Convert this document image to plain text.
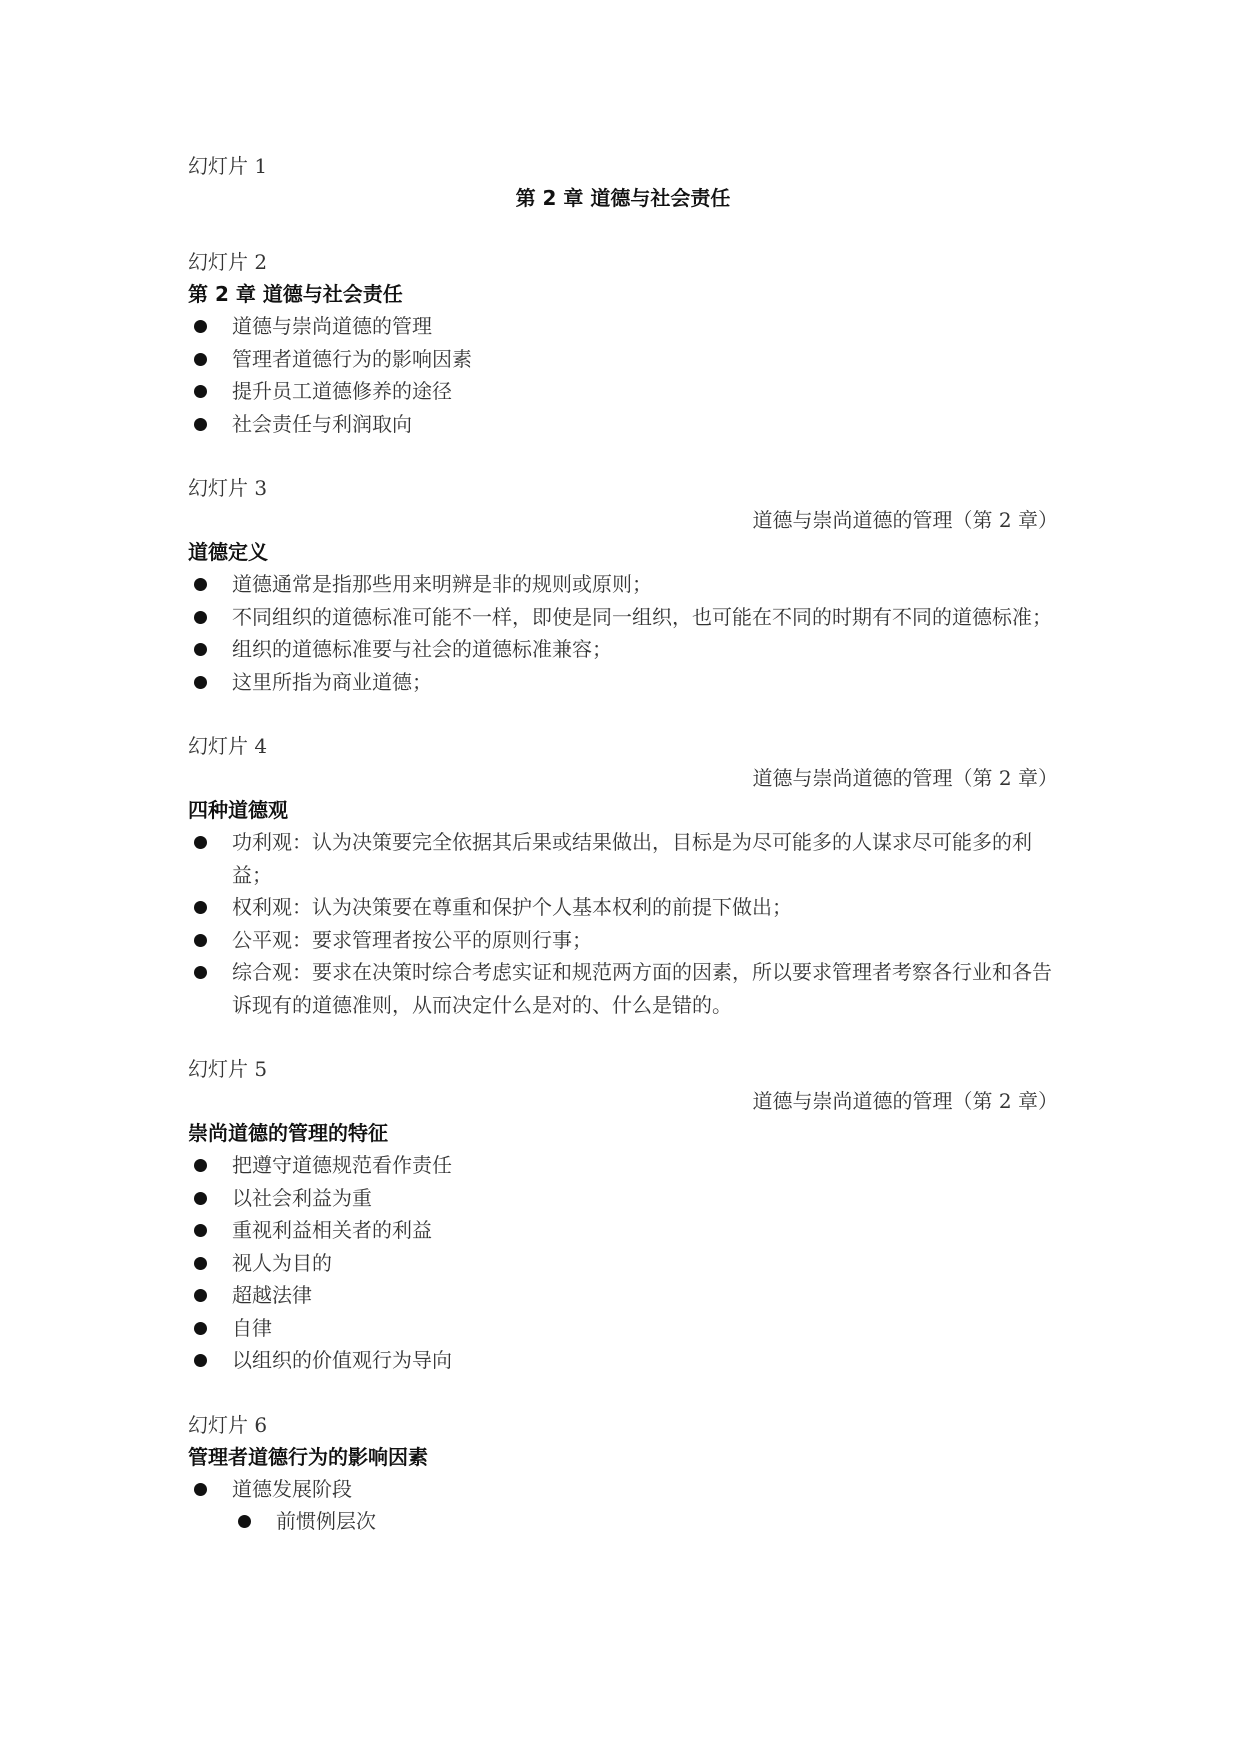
幻灯片 1
第 2 章 道德与社会责任
幻灯片 2
第 2 章 道德与社会责任
道德与崇尚道德的管理
管理者道德行为的影响因素
提升员工道德修养的途径
社会责任与利润取向
幻灯片 3
道德与崇尚道德的管理（第 2 章）
道德定义
道德通常是指那些用来明辨是非的规则或原则；
不同组织的道德标准可能不一样，即使是同一组织，也可能在不同的时期有不同的道德标准；
组织的道德标准要与社会的道德标准兼容；
这里所指为商业道德；
幻灯片 4
道德与崇尚道德的管理（第 2 章）
四种道德观
功利观：认为决策要完全依据其后果或结果做出，目标是为尽可能多的人谋求尽可能多的利益；
权利观：认为决策要在尊重和保护个人基本权利的前提下做出；
公平观：要求管理者按公平的原则行事；
综合观：要求在决策时综合考虑实证和规范两方面的因素，所以要求管理者考察各行业和各告诉现有的道德准则，从而决定什么是对的、什么是错的。
幻灯片 5
道德与崇尚道德的管理（第 2 章）
崇尚道德的管理的特征
把遵守道德规范看作责任
以社会利益为重
重视利益相关者的利益
视人为目的
超越法律
自律
以组织的价值观行为导向
幻灯片 6
管理者道德行为的影响因素
道德发展阶段
前惯例层次
